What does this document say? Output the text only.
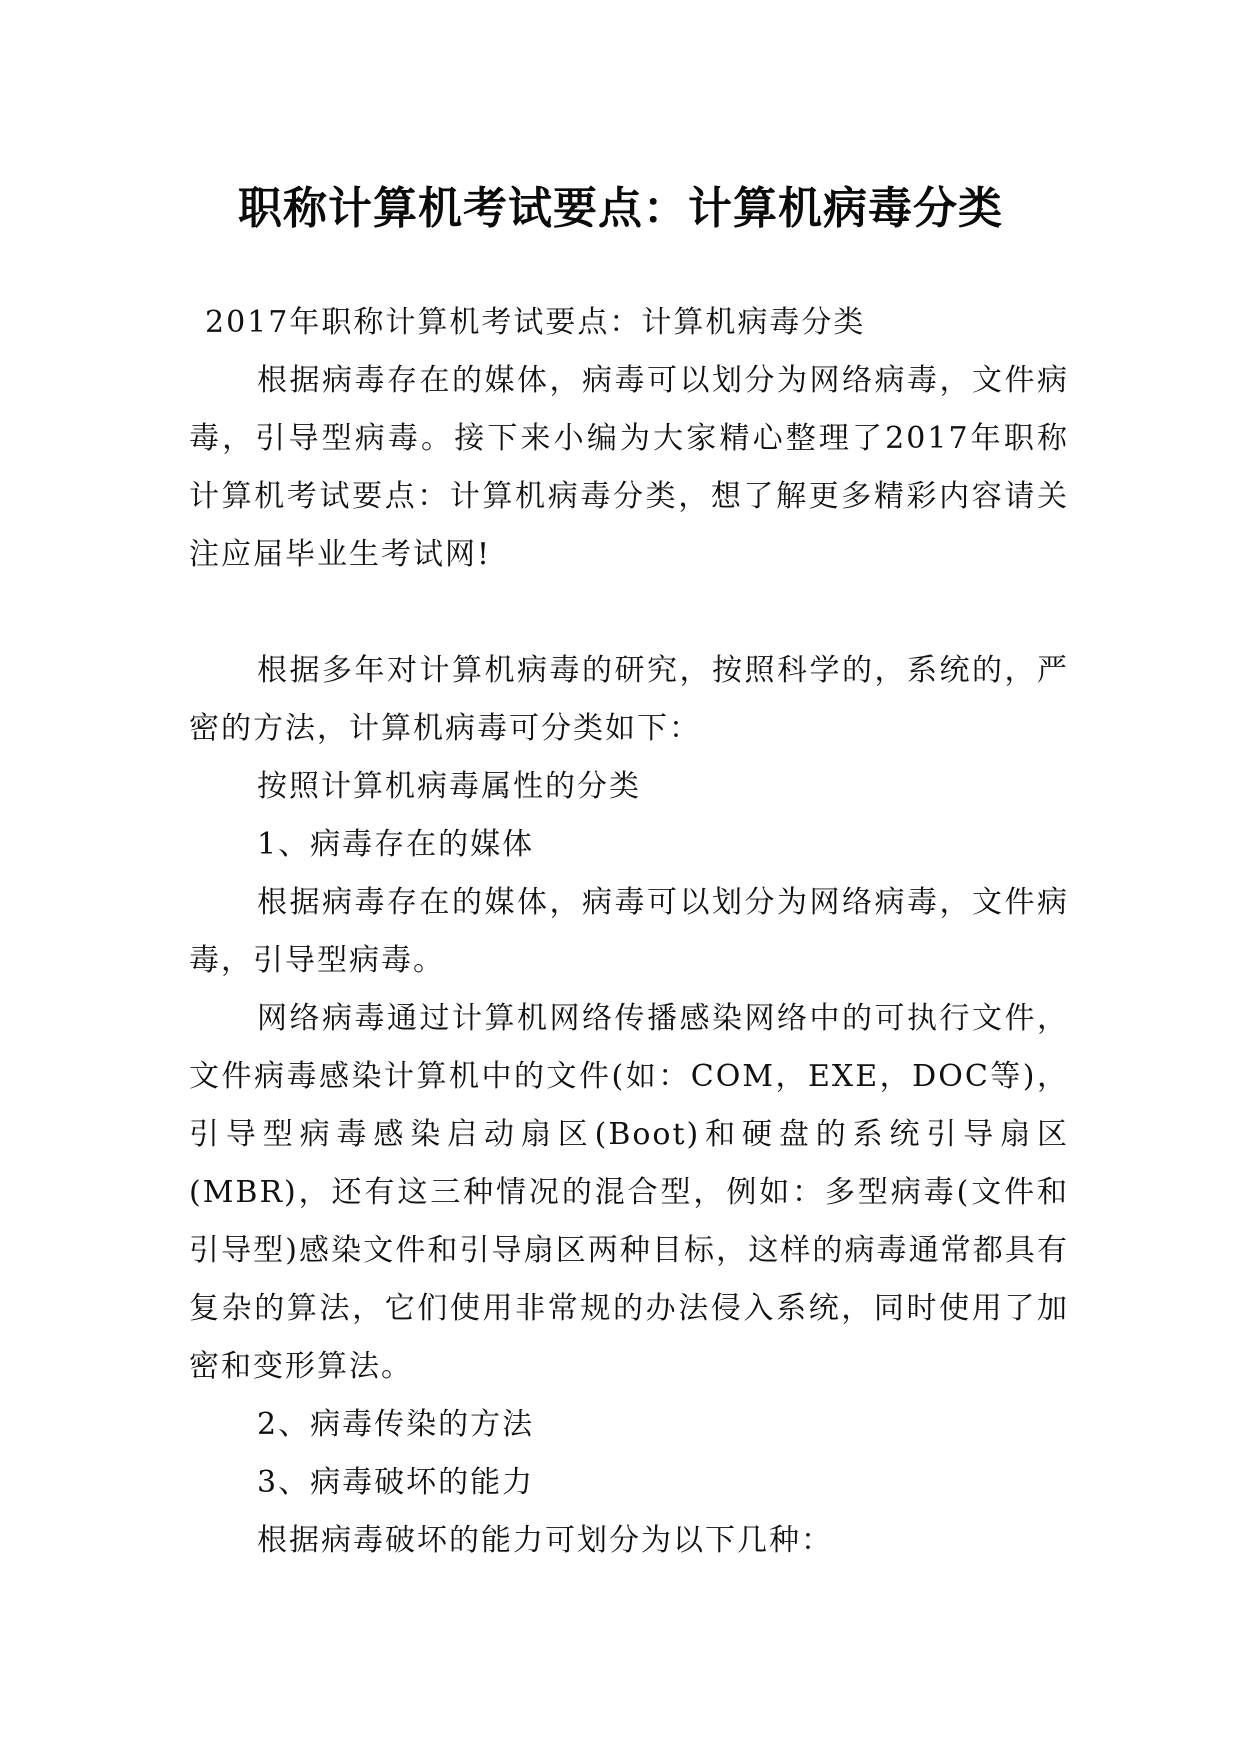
职称计算机考试要点：计算机病毒分类

2017年职称计算机考试要点：计算机病毒分类

根据病毒存在的媒体，病毒可以划分为网络病毒，文件病毒，引导型病毒。接下来小编为大家精心整理了2017年职称计算机考试要点：计算机病毒分类，想了解更多精彩内容请关注应届毕业生考试网!

根据多年对计算机病毒的研究，按照科学的，系统的，严密的方法，计算机病毒可分类如下：

按照计算机病毒属性的分类

1、病毒存在的媒体

根据病毒存在的媒体，病毒可以划分为网络病毒，文件病毒，引导型病毒。

网络病毒通过计算机网络传播感染网络中的可执行文件，文件病毒感染计算机中的文件(如：COM，EXE，DOC等)，引导型病毒感染启动扇区(Boot)和硬盘的系统引导扇区(MBR)，还有这三种情况的混合型，例如：多型病毒(文件和引导型)感染文件和引导扇区两种目标，这样的病毒通常都具有复杂的算法，它们使用非常规的办法侵入系统，同时使用了加密和变形算法。

2、病毒传染的方法

3、病毒破坏的能力

根据病毒破坏的能力可划分为以下几种：
